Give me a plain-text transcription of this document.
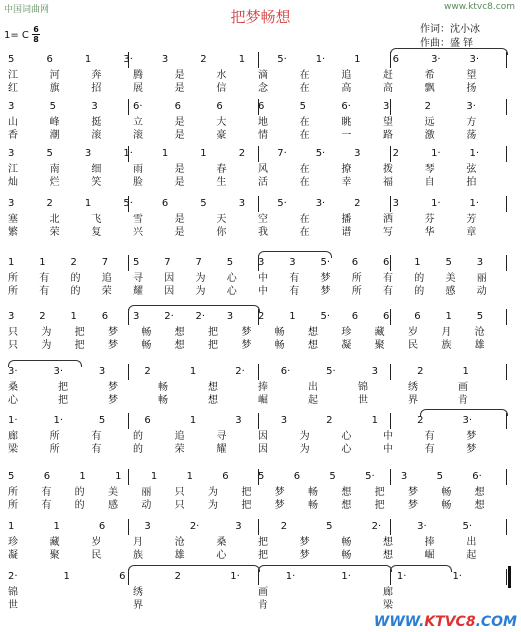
中国词曲网	www.ktvc8.com
把梦畅想
1= C
6
8
作词：沈小冰
作曲：盛 铎
5	6	1	3·	3	2	1	5·	1·	1	6	3·	3·
江	河	奔	腾	是	水	滴	在	追	赶	希	望
红	旗	招	展	是	信	念	在	高	高	飘	扬
3	5	3	6·	6	6	6	5	6·	3	2	3·
山	峰	挺	立	是	大	地	在	眺	望	远	方
香	潮	滚	滚	是	豪	情	在	一	路	激	荡
3	5	3	1·	1	1	2	7·	5·	3	2	1·	1·
江	南	细	雨	是	春	风	在	撩	拨	琴	弦
灿	烂	笑	脸	是	生	活	在	幸	福	自	拍
3	2	1	5·	6	5	3	5·	3·	2	3	1·	1·
塞	北	飞	雪	是	天	空	在	播	洒	芬	芳
繁	荣	复	兴	是	你	我	在	谱	写	华	章
1 1 2 7 5 7 7 5 3 3 5· 6 6 1 5 3
所 有 的 追 寻 因 为 心 中 有 梦 所 有 的 美 丽
所 有 的 荣 耀 因 为 心 中 有 梦 所 有 的 感 动
3 2 1 6 3 2· 2· 3 2 1 5· 6 6 6 1 5
只 为 把 梦 畅 想 把 梦 畅 想 珍 藏 岁 月 沧
只 为 把 梦 畅 想 把 梦 畅 想 凝 聚 民 族 雄
3·	3·	3	2	1	2·	6·	5·	3	2	1
桑	把	梦	畅	想	捧	出	锦	绣	画
心	把	梦	畅	想	崛	起	世	界	肯
1·	1·	5	6	1	3	3	2	1	2	3·
廊	所	有	的	追	寻	因	为	心	中	有	梦
梁	所	有	的	荣	耀	因	为	心	中	有	梦
5	6	1	1	1	1	6	5	6	5	5·	3	5	6·
所 有 的 美 丽 只 为 把 梦 畅 想 把 梦 畅 想
所 有 的 感 动 只 为 把 梦 畅 想 把 梦 畅 想
1	1	6	3	2·	3	2	5	2·	3·	5·
珍	藏	岁	月	沧	桑	把	梦	畅	想	捧	出
凝	聚	民	族	雄	心	把	梦	畅	想	崛	起
2·	1	6	2	1·	1·	1·	1·	1·
锦	绣	画	廊
世	界	肯	梁
WWW.KTVC8.COM
